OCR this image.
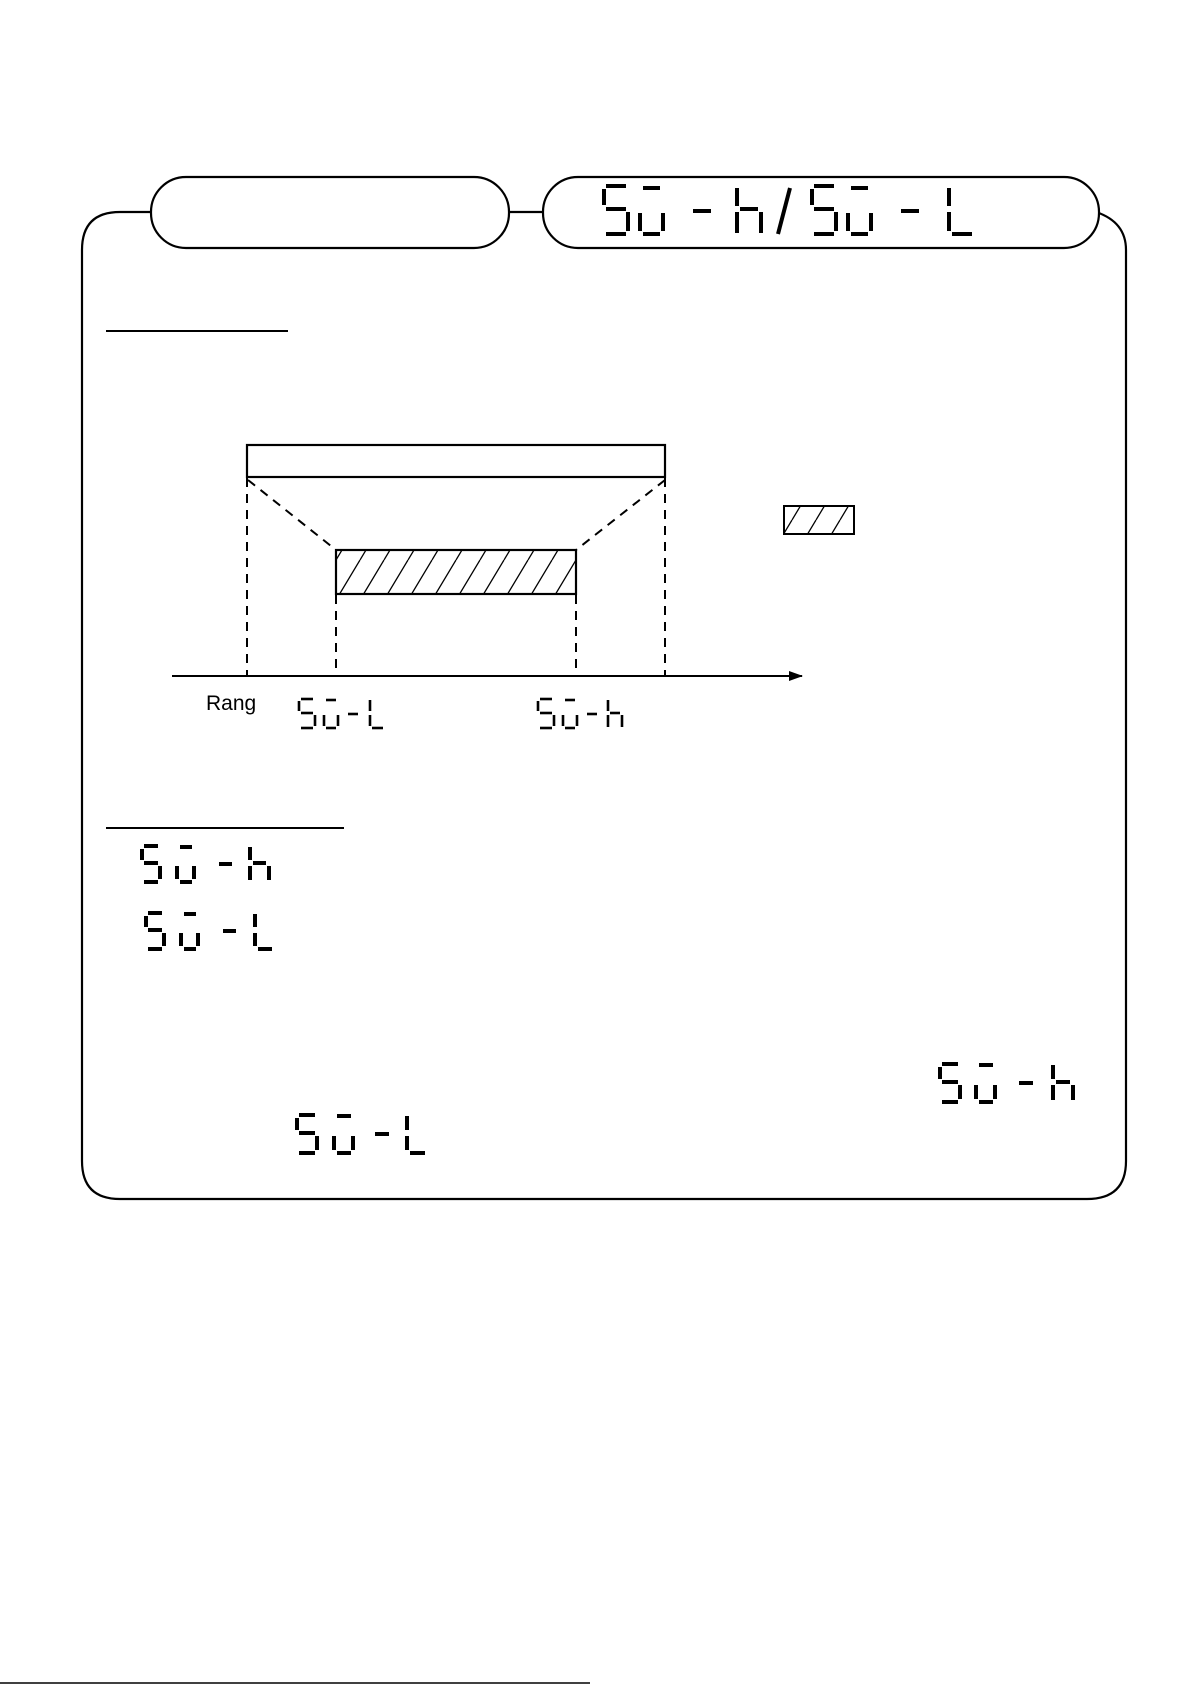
Rang
SV-L	SV-h
SV-h
SV-L
SV-h
SV-L
